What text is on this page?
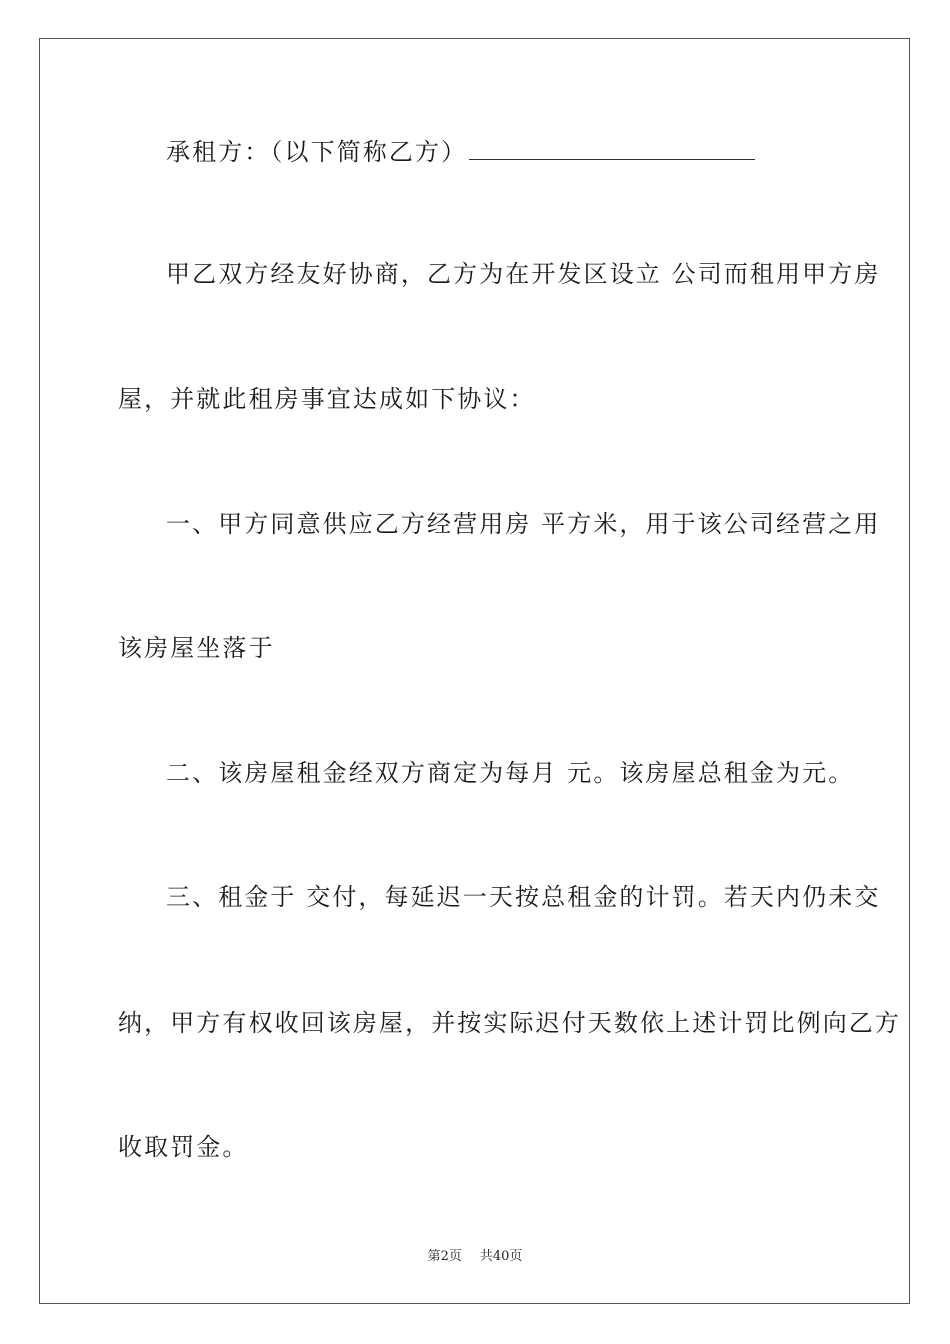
承租方：（以下简称乙方）
甲乙双方经友好协商，乙方为在开发区设立 公司而租用甲方房
屋，并就此租房事宜达成如下协议：
一、甲方同意供应乙方经营用房 平方米，用于该公司经营之用
该房屋坐落于
二、该房屋租金经双方商定为每月 元。该房屋总租金为元。
三、租金于 交付，每延迟一天按总租金的计罚。若天内仍未交
纳，甲方有权收回该房屋，并按实际迟付天数依上述计罚比例向乙方
收取罚金。
第2页 共40页
